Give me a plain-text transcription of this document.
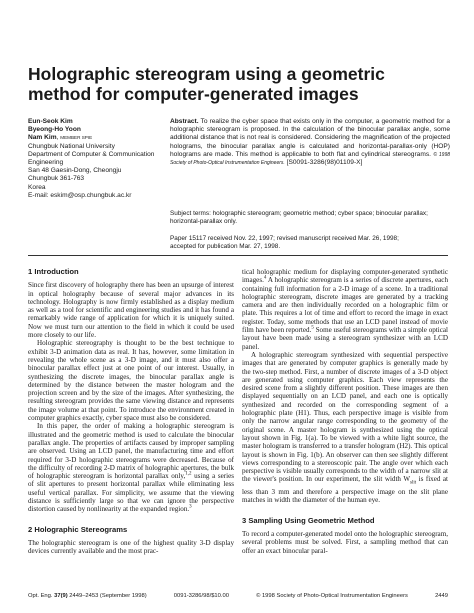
Holographic stereogram using a geometric method for computer-generated images
Eun-Seok Kim
Byeong-Ho Yoon
Nam Kim, MEMBER SPIE
Chungbuk National University
Department of Computer & Communication
Engineering
San 48 Gaesin-Dong, Cheongju
Chungbuk 361-763
Korea
E-mail: eskim@osp.chungbuk.ac.kr
Abstract. To realize the cyber space that exists only in the computer, a geometric method for a holographic stereogram is proposed. In the calculation of the binocular parallax angle, some additional distance that is not real is considered. Considering the magnification of the projected holograms, the binocular parallax angle is calculated and horizontal-parallax-only (HOP) holograms are made. This method is applicable to both flat and cylindrical stereograms. © 1998 Society of Photo-Optical Instrumentation Engineers. [S0091-3286(98)01109-X]
Subject terms: holographic stereogram; geometric method; cyber space; binocular parallax; horizontal-parallax only.
Paper 15117 received Nov. 22, 1997; revised manuscript received Mar. 26, 1998;
accepted for publication Mar. 27, 1998.
1 Introduction

Since first discovery of holography there has been an upsurge of interest in optical holography because of several major advances in its technology. Holography is now firmly established as a display medium as well as a tool for scientific and engineering studies and it has found a remarkably wide range of application for which it is uniquely suited. Now we must turn our attention to the field in which it could be used more closely to our life.

Holographic stereography is thought to be the best technique to exhibit 3-D animation data as real. It has, however, some limitation in revealing the whole scene as a 3-D image, and it must also offer a binocular parallax effect just at one point of our interest. Usually, in synthesizing the discrete images, the binocular parallax angle is determined by the distance between the master hologram and the projection screen and by the size of the images. After synthesizing, the resulting stereogram provides the same viewing distance and represents the image volume at that point. To introduce the environment created in computer graphics exactly, cyber space must also be considered.

In this paper, the order of making a holographic stereogram is illustrated and the geometric method is used to calculate the binocular parallax angle. The properties of artifacts caused by improper sampling are observed. Using an LCD panel, the manufacturing time and effort required for 3-D holographic stereograms were decreased. Because of the difficulty of recording 2-D matrix of holographic apertures, the bulk of holographic stereogram is horizontal parallax only,$^{1,2}$ using a series of slit apertures to present horizontal parallax while eliminating less useful vertical parallax. For simplicity, we assume that the viewing distance is sufficiently large so that we can ignore the perspective distortion caused by nonlinearity at the expanded region.$^3$

2 Holographic Stereograms

The holographic stereogram is one of the highest quality 3-D display devices currently available and the most prac-

tical holographic medium for displaying computer-generated synthetic images.$^4$ A holographic stereogram is a series of discrete apertures, each containing full information for a 2-D image of a scene. In a traditional holographic stereogram, discrete images are generated by a tracking camera and are then individually recorded on a holographic film or plate. This requires a lot of time and effort to record the image in exact register. Today, some methods that use an LCD panel instead of movie film have been reported.$^5$ Some useful stereograms with a simple optical layout have been made using a stereogram synthesizer with an LCD panel.

A holographic stereogram synthesized with sequential perspective images that are generated by computer graphics is generally made by the two-step method. First, a number of discrete images of a 3-D object are generated using computer graphics. Each view represents the desired scene from a slightly different position. These images are then displayed sequentially on an LCD panel, and each one is optically synthesized and recorded on the corresponding segment of a holographic plate (H1). Thus, each perspective image is visible from only the narrow angular range corresponding to the geometry of the original scene. A master hologram is synthesized using the optical layout shown in Fig. 1(a). To be viewed with a white light source, the master hologram is transferred to a transfer hologram (H2). This optical layout is shown in Fig. 1(b). An observer can then see slightly different views corresponding to a stereoscopic pair. The angle over which each perspective is visible usually corresponds to the width of a narrow slit at the viewer's position. In our experiment, the slit width $W_{slit}$ is fixed at less than 3 mm and therefore a perspective image on the slit plane matches in width the diameter of the human eye.

3 Sampling Using Geometric Method

To record a computer-generated model onto the holographic stereogram, several problems must be solved. First, a sampling method that can offer an exact binocular paral-

Opt. Eng. 37(9) 2449–2453 (September 1998)	0091-3286/98/$10.00	© 1998 Society of Photo-Optical Instrumentation Engineers	2449
